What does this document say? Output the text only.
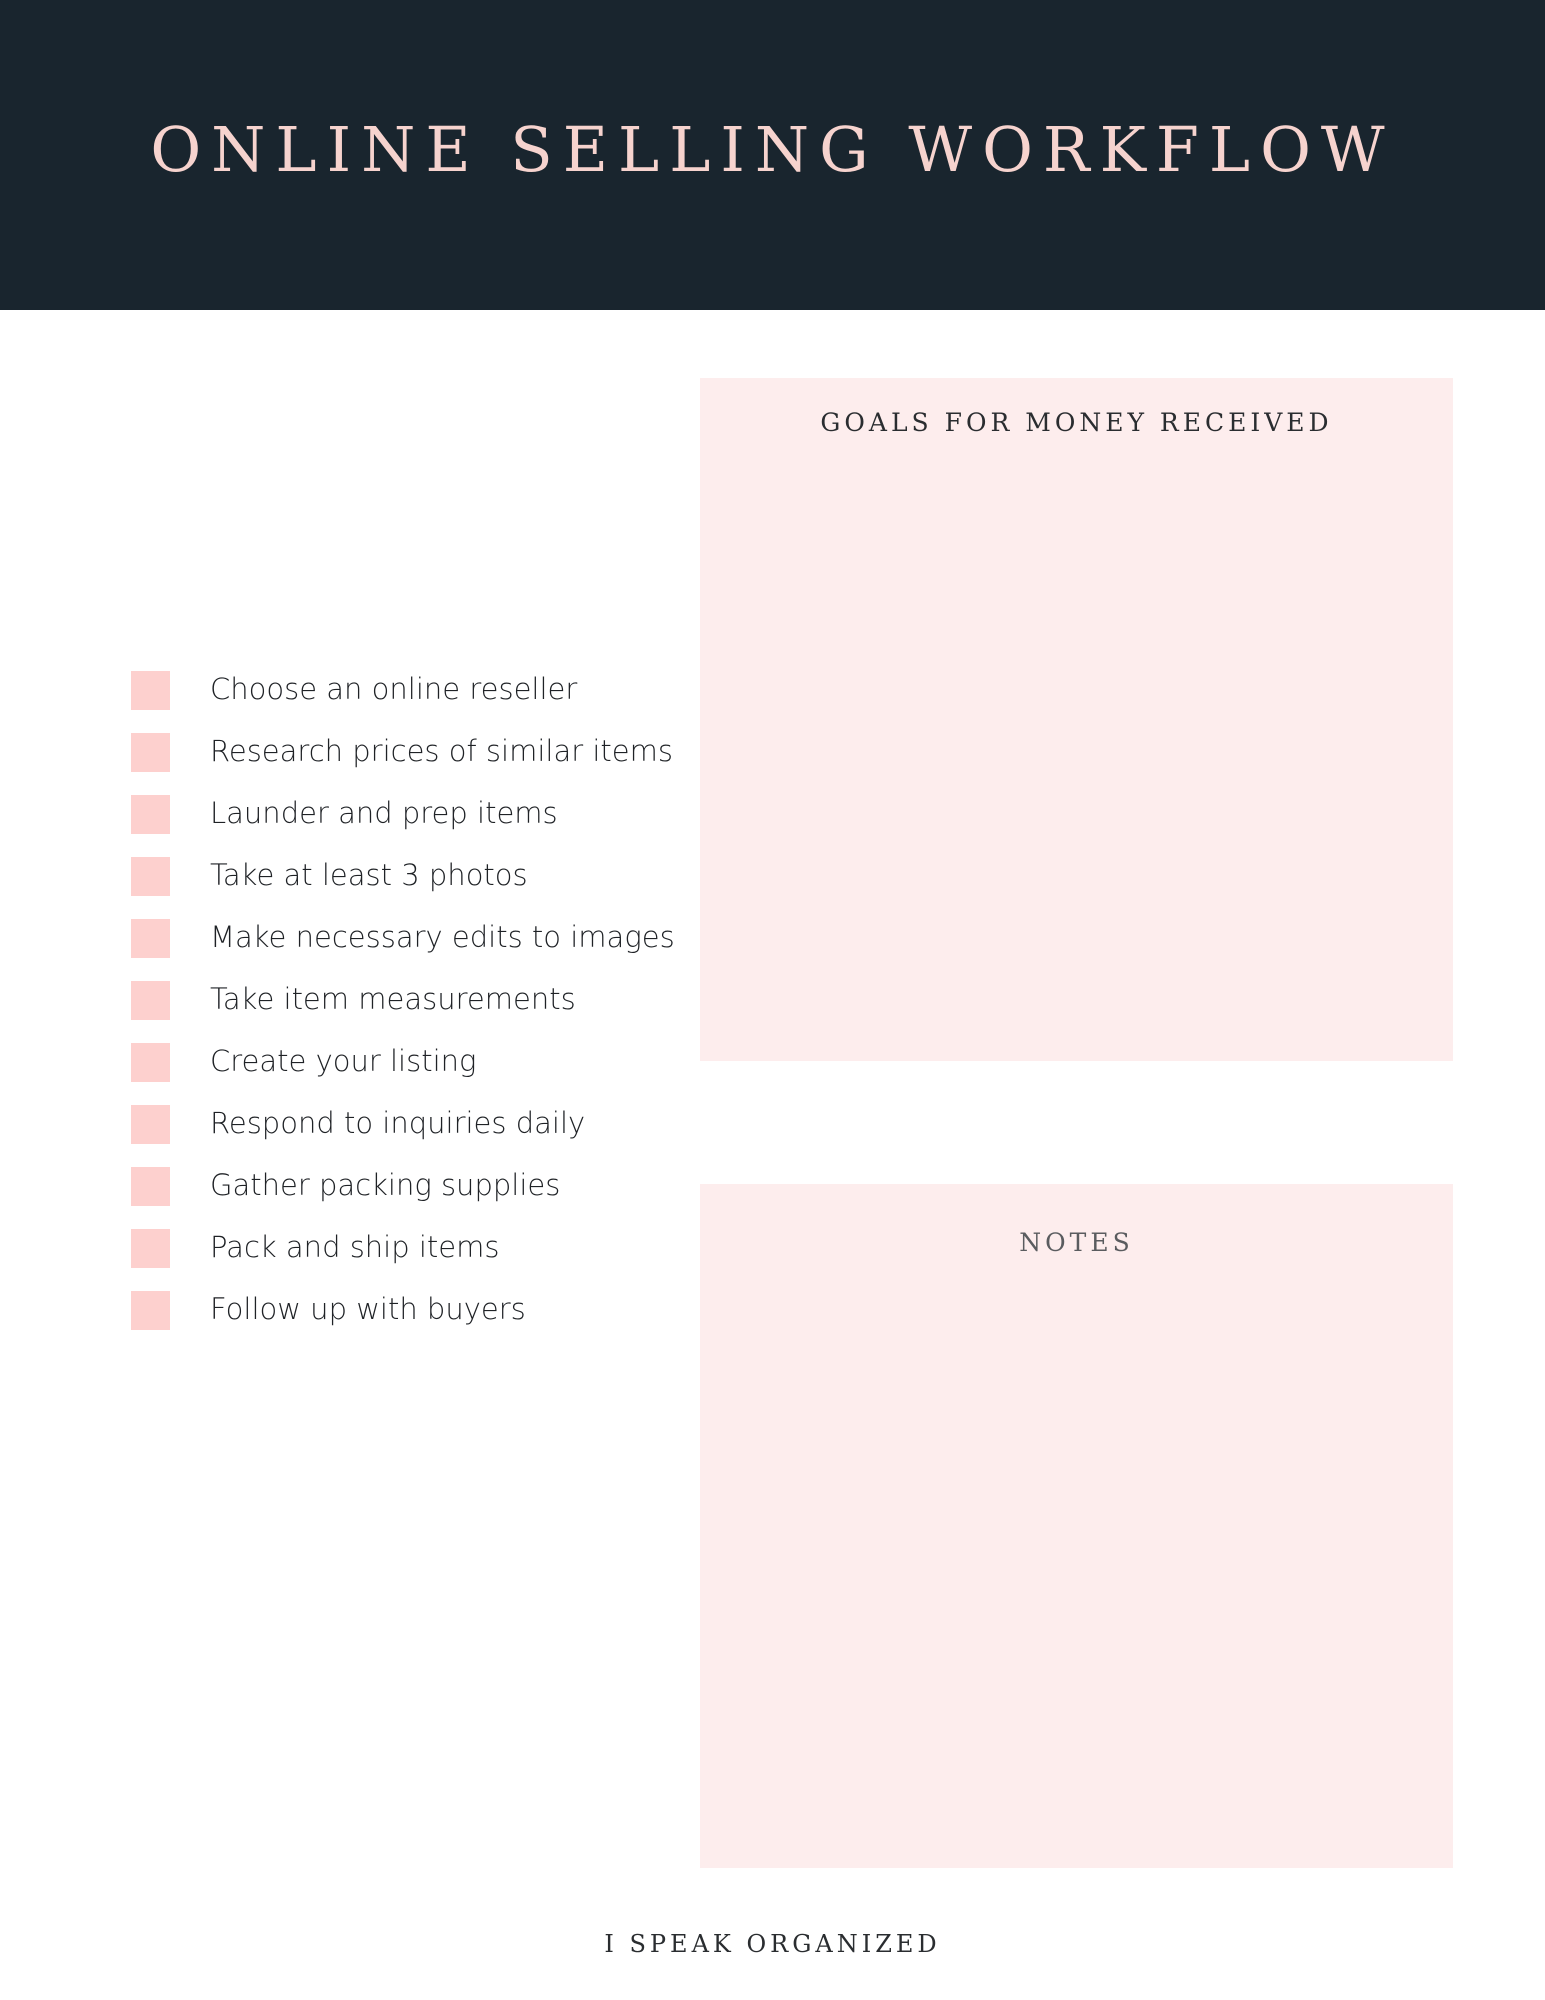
ONLINE SELLING WORKFLOW
Choose an online reseller
Research prices of similar items
Launder and prep items
Take at least 3 photos
Make necessary edits to images
Take item measurements
Create your listing
Respond to inquiries daily
Gather packing supplies
Pack and ship items
Follow up with buyers
GOALS FOR MONEY RECEIVED
NOTES
I SPEAK ORGANIZED
